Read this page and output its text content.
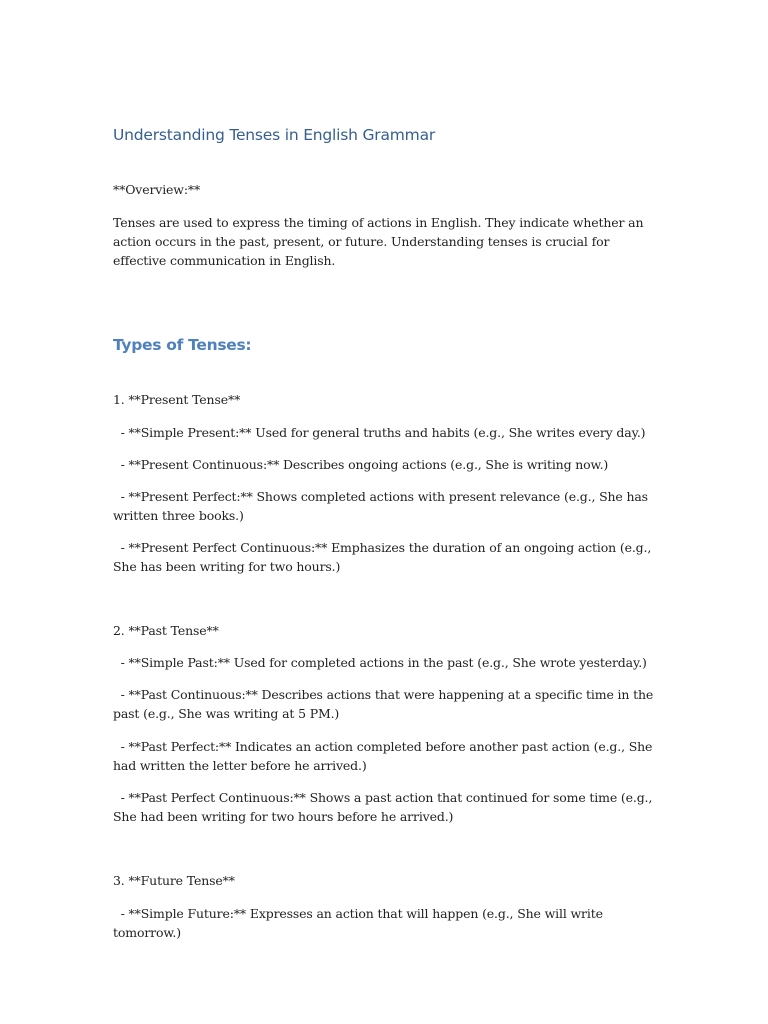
Understanding Tenses in English Grammar

**Overview:**

Tenses are used to express the timing of actions in English. They indicate whether an action occurs in the past, present, or future. Understanding tenses is crucial for effective communication in English.

Types of Tenses:

1. **Present Tense**

- **Simple Present:** Used for general truths and habits (e.g., She writes every day.)

- **Present Continuous:** Describes ongoing actions (e.g., She is writing now.)

- **Present Perfect:** Shows completed actions with present relevance (e.g., She has written three books.)

- **Present Perfect Continuous:** Emphasizes the duration of an ongoing action (e.g., She has been writing for two hours.)

2. **Past Tense**

- **Simple Past:** Used for completed actions in the past (e.g., She wrote yesterday.)

- **Past Continuous:** Describes actions that were happening at a specific time in the past (e.g., She was writing at 5 PM.)

- **Past Perfect:** Indicates an action completed before another past action (e.g., She had written the letter before he arrived.)

- **Past Perfect Continuous:** Shows a past action that continued for some time (e.g., She had been writing for two hours before he arrived.)

3. **Future Tense**

- **Simple Future:** Expresses an action that will happen (e.g., She will write tomorrow.)
